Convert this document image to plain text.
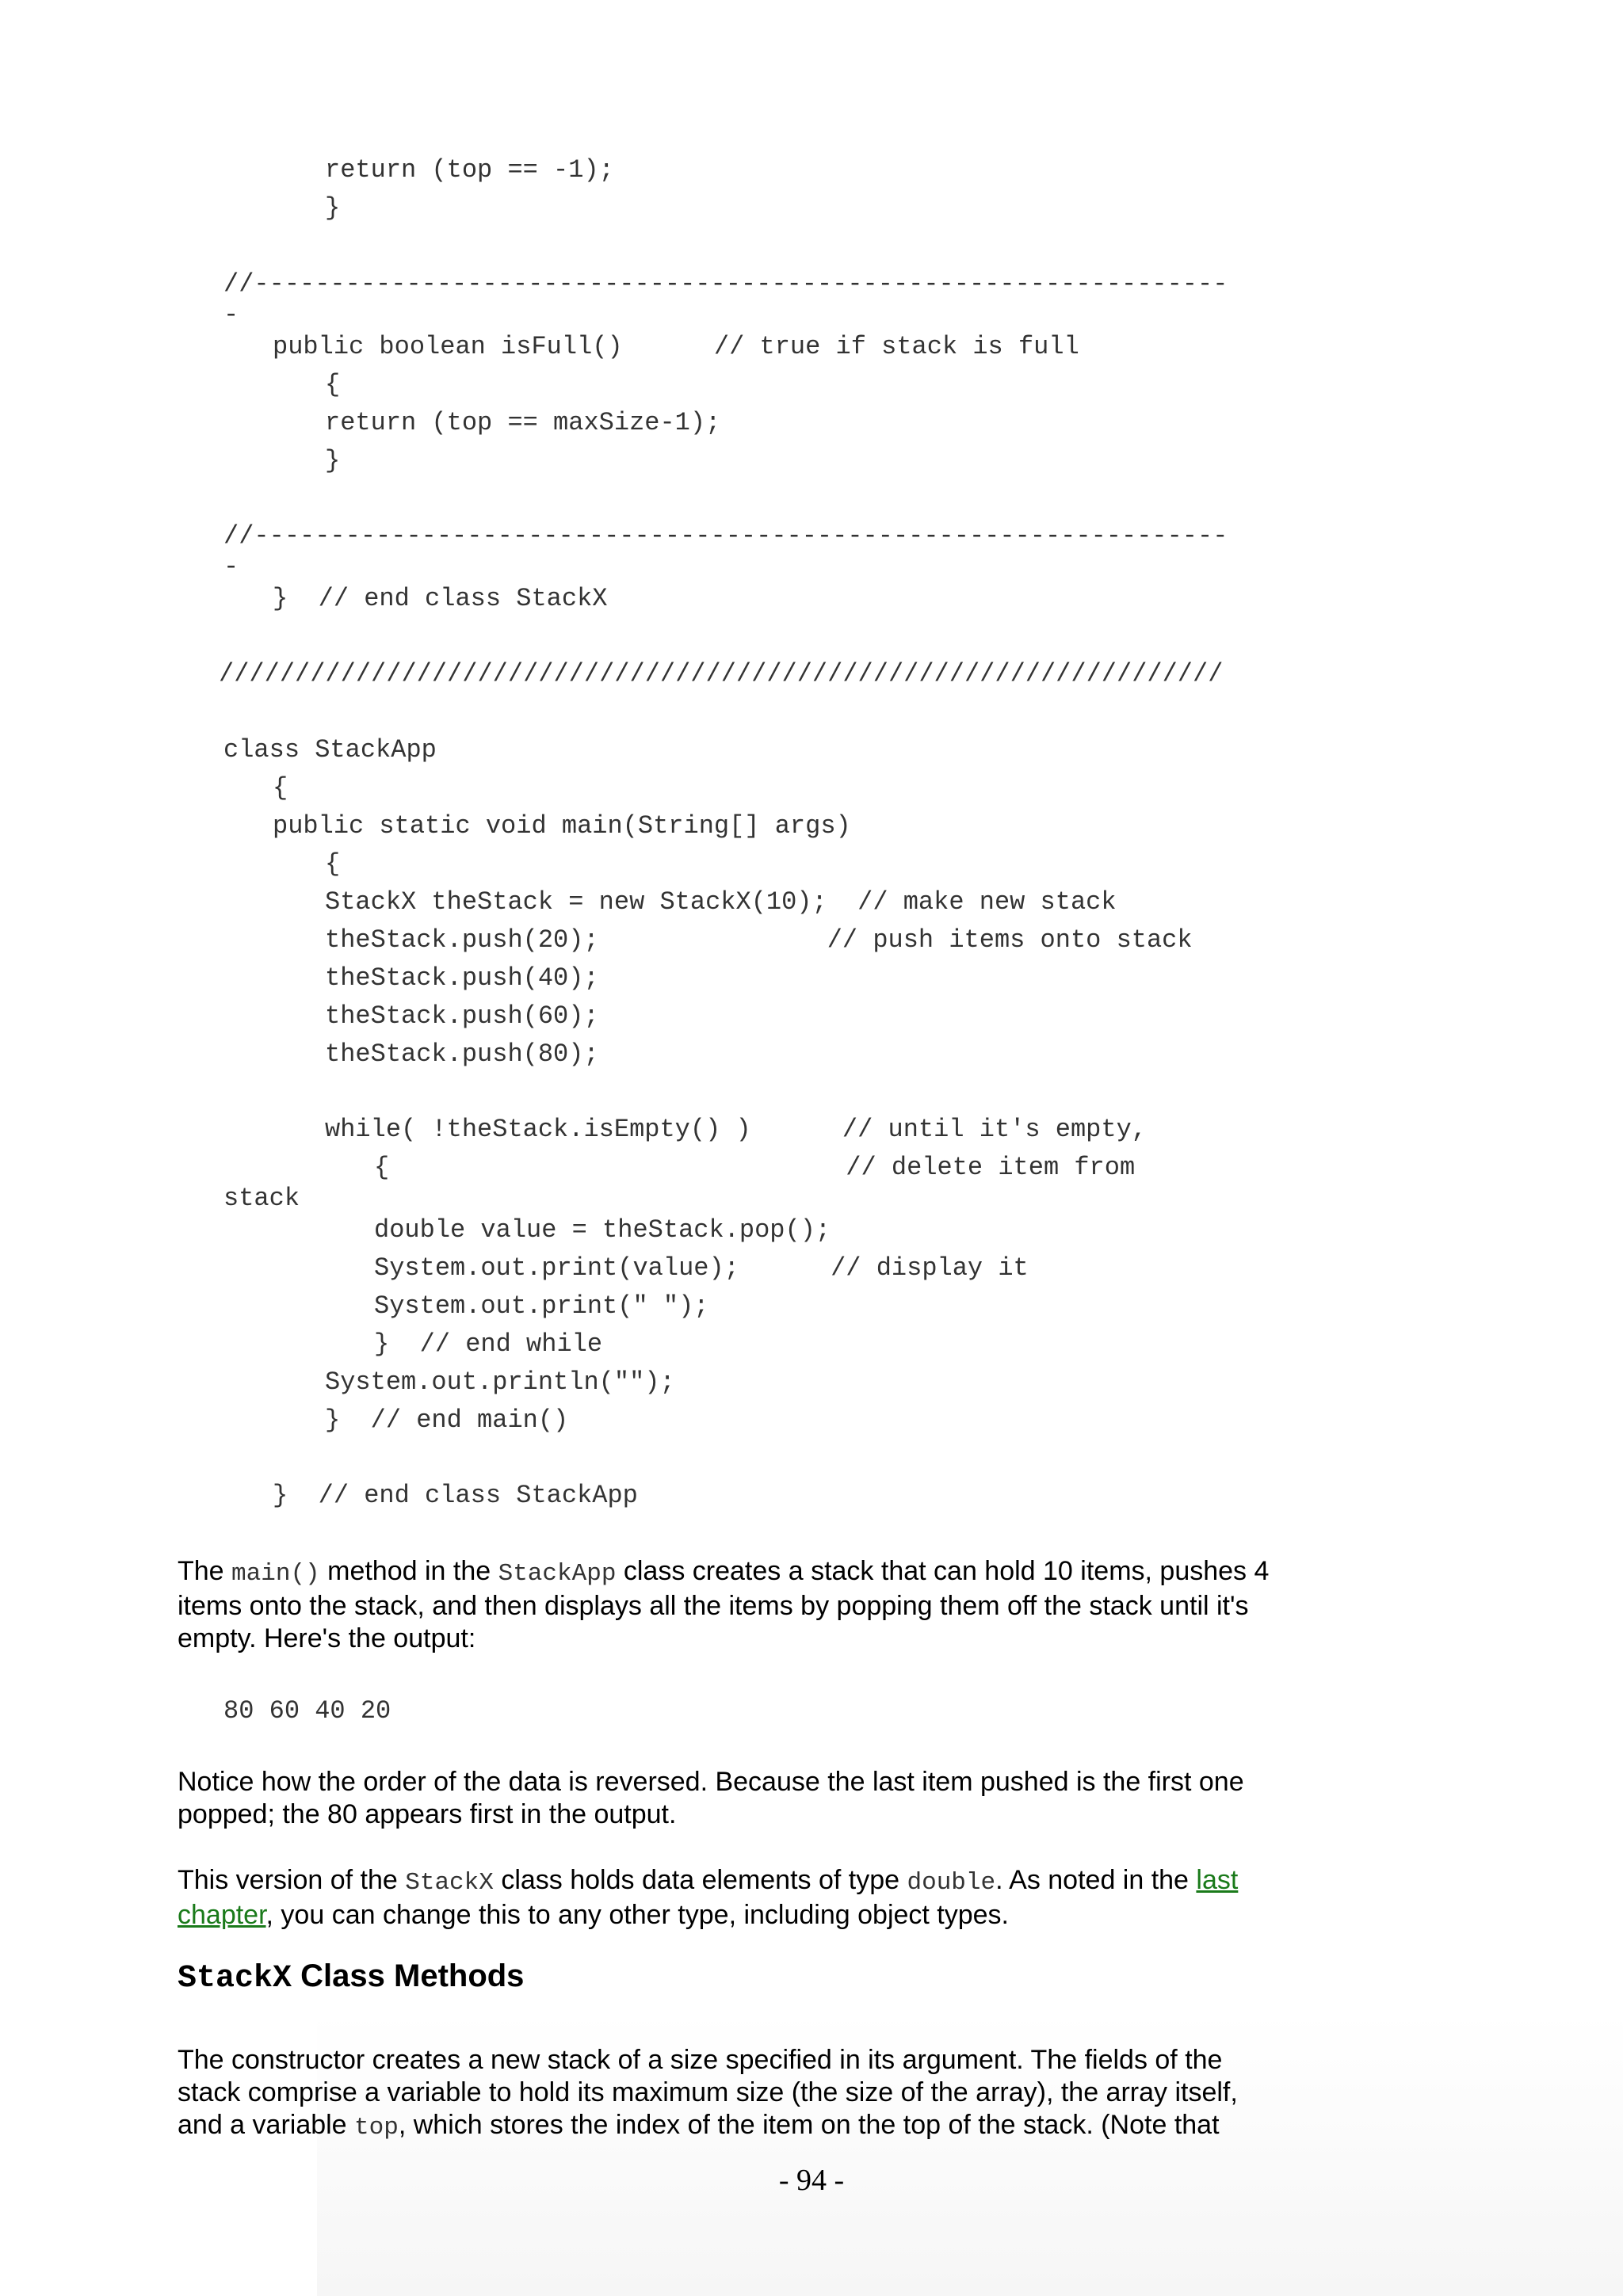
return (top == -1);
}
//----------------------------------------------------------------
-
public boolean isFull()      // true if stack is full
{
return (top == maxSize-1);
}
//----------------------------------------------------------------
-
}  // end class StackX
//////////////////////////////////////////////////////////////////
class StackApp
{
public static void main(String[] args)
{
StackX theStack = new StackX(10);  // make new stack
theStack.push(20);               // push items onto stack
theStack.push(40);
theStack.push(60);
theStack.push(80);
while( !theStack.isEmpty() )      // until it's empty,
{                              // delete item from
stack
double value = theStack.pop();
System.out.print(value);      // display it
System.out.print(" ");
}  // end while
System.out.println("");
}  // end main()
}  // end class StackApp

The main() method in the StackApp class creates a stack that can hold 10 items, pushes 4 items onto the stack, and then displays all the items by popping them off the stack until it's empty. Here's the output:

80 60 40 20

Notice how the order of the data is reversed. Because the last item pushed is the first one popped; the 80 appears first in the output.

This version of the StackX class holds data elements of type double. As noted in the last chapter, you can change this to any other type, including object types.

StackX Class Methods

The constructor creates a new stack of a size specified in its argument. The fields of the stack comprise a variable to hold its maximum size (the size of the array), the array itself, and a variable top, which stores the index of the item on the top of the stack. (Note that

- 94 -
